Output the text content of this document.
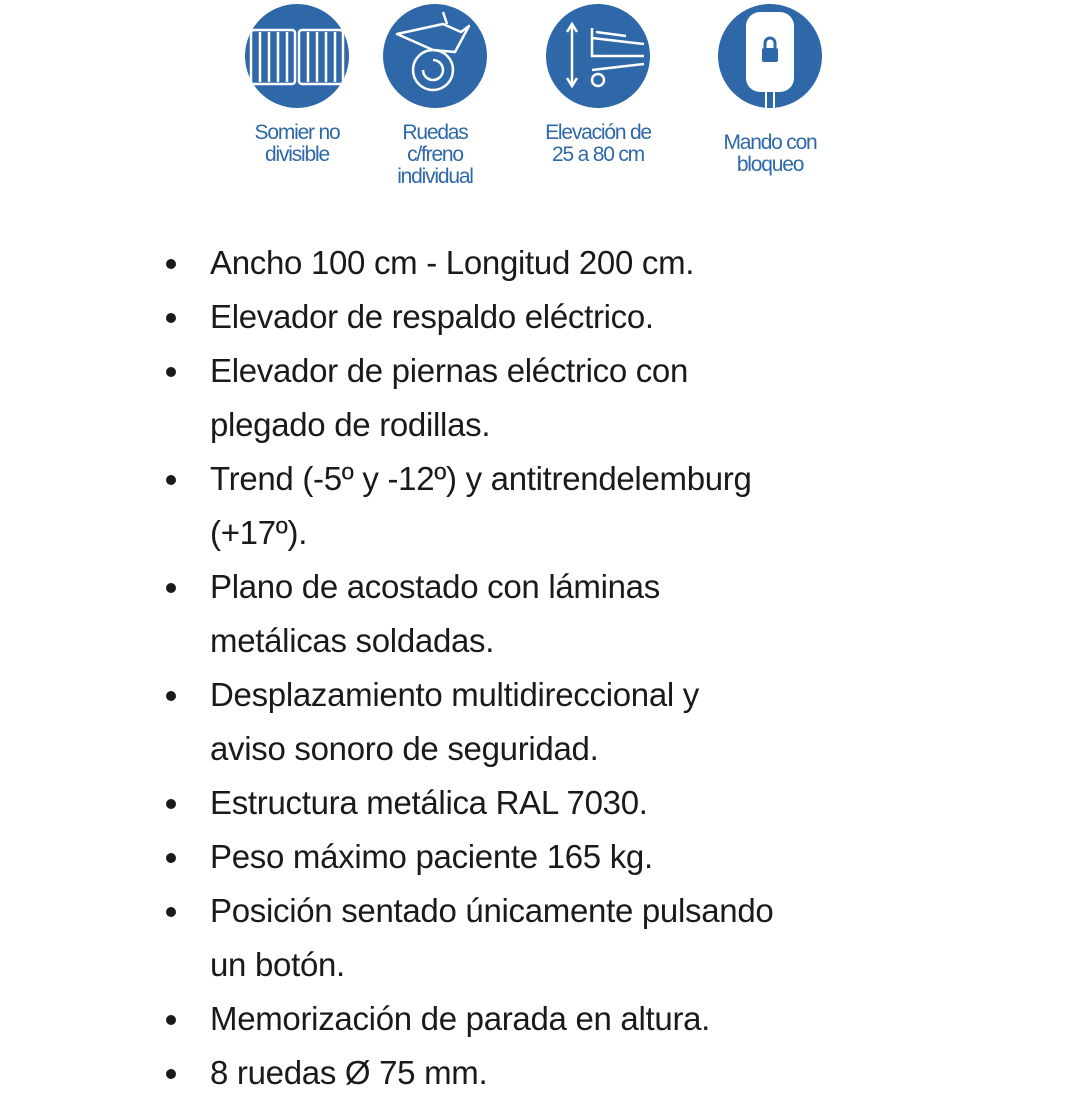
Somier no
divisible
Ruedas
c/freno
individual
Elevación de
25 a 80 cm
Mando con
bloqueo
Ancho 100 cm - Longitud 200 cm.
Elevador de respaldo eléctrico.
Elevador de piernas eléctrico con
plegado de rodillas.
Trend (-5º y -12º) y antitrendelemburg
(+17º).
Plano de acostado con láminas
metálicas soldadas.
Desplazamiento multidireccional y
aviso sonoro de seguridad.
Estructura metálica RAL 7030.
Peso máximo paciente 165 kg.
Posición sentado únicamente pulsando
un botón.
Memorización de parada en altura.
8 ruedas Ø 75 mm.
